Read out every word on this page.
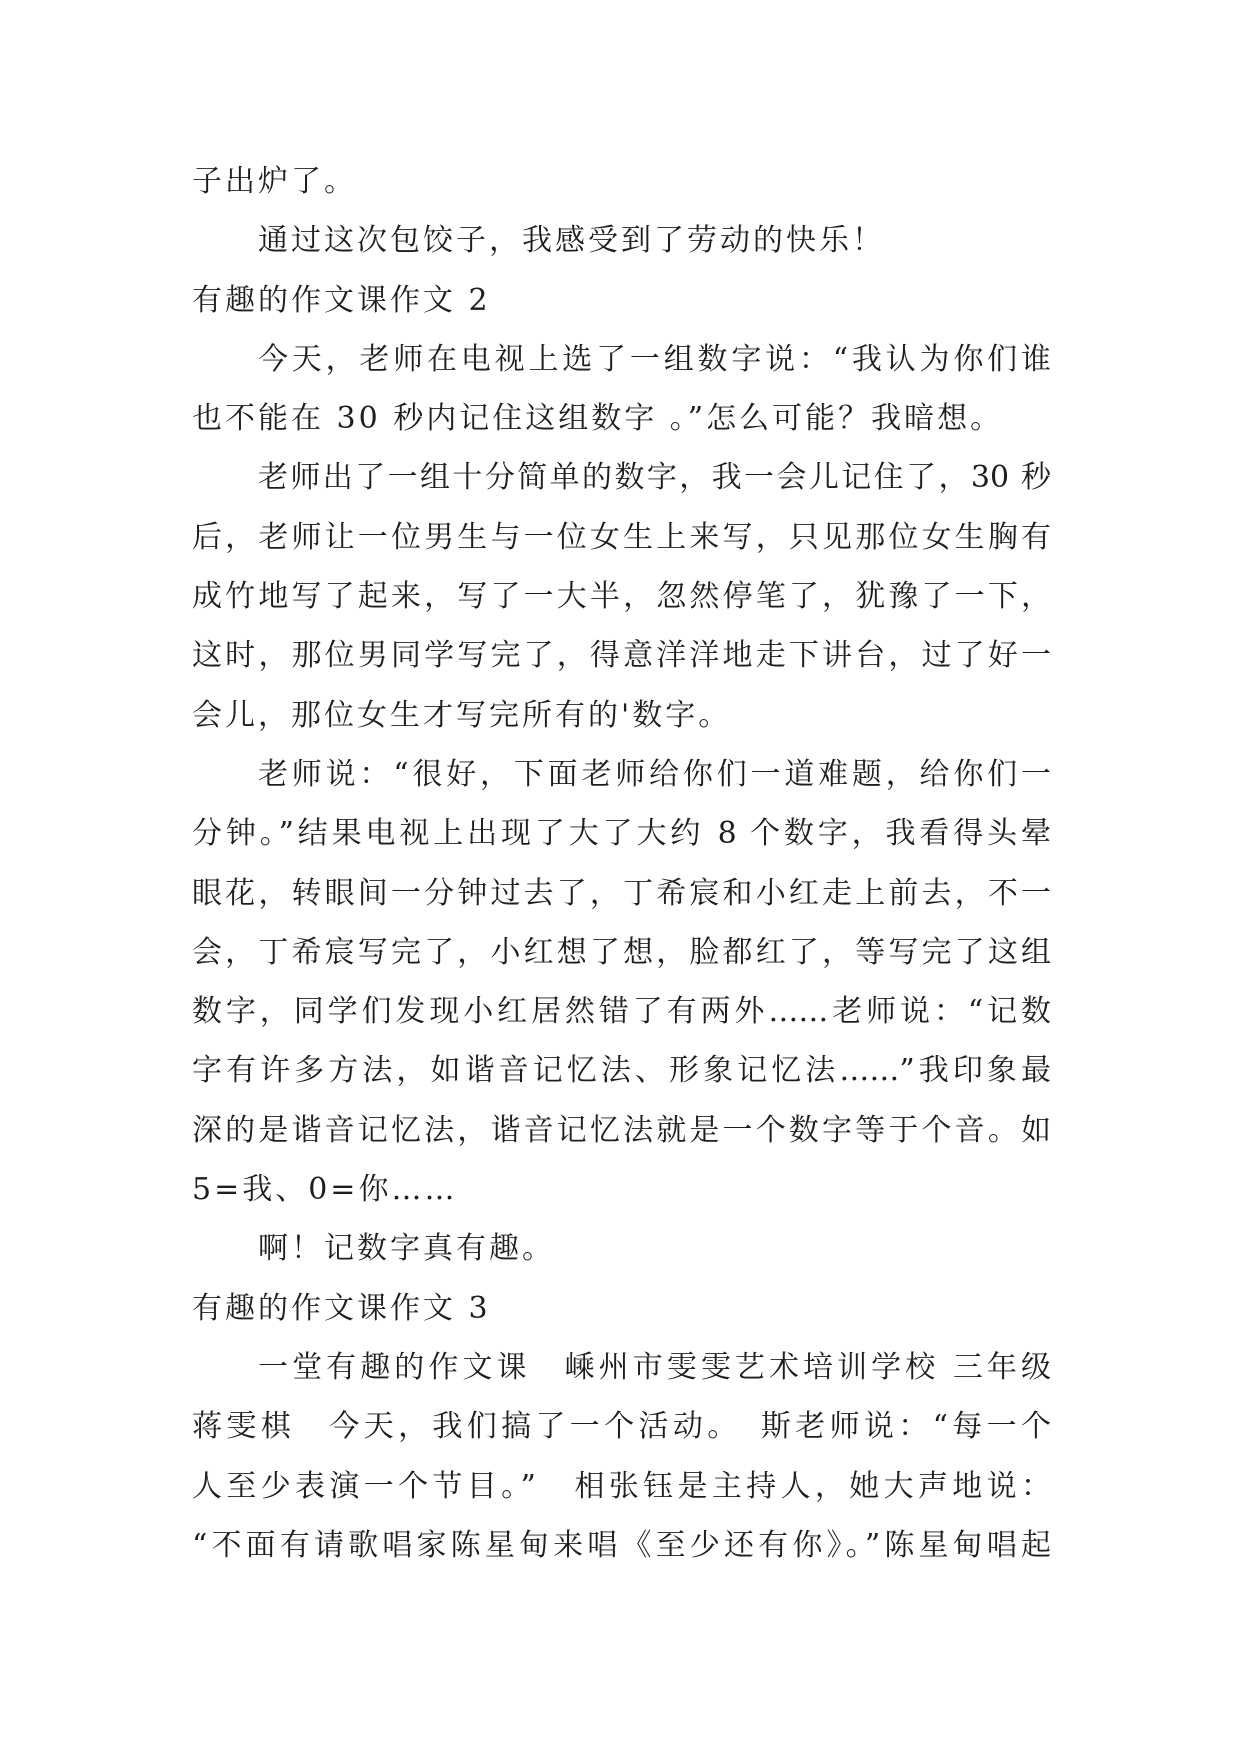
子出炉了。
通过这次包饺子，我感受到了劳动的快乐！
有趣的作文课作文 2
今天，老师在电视上选了一组数字说：“我认为你们谁
也不能在 30 秒内记住这组数字 。”怎么可能？我暗想。
老师出了一组十分简单的数字，我一会儿记住了，30 秒
后，老师让一位男生与一位女生上来写，只见那位女生胸有
成竹地写了起来，写了一大半，忽然停笔了，犹豫了一下，
这时，那位男同学写完了，得意洋洋地走下讲台，过了好一
会儿，那位女生才写完所有的'数字。
老师说：“很好，下面老师给你们一道难题，给你们一
分钟。”结果电视上出现了大了大约 8 个数字，我看得头晕
眼花，转眼间一分钟过去了，丁希宸和小红走上前去，不一
会，丁希宸写完了，小红想了想，脸都红了，等写完了这组
数字，同学们发现小红居然错了有两外……老师说：“记数
字有许多方法，如谐音记忆法、形象记忆法……”我印象最
深的是谐音记忆法，谐音记忆法就是一个数字等于个音。如
5=我、0=你……
啊！记数字真有趣。
有趣的作文课作文 3
一堂有趣的作文课　嵊州市雯雯艺术培训学校 三年级
蒋雯棋　今天，我们搞了一个活动。　斯老师说：“每一个
人至少表演一个节目。”　相张钰是主持人，她大声地说：
“不面有请歌唱家陈星甸来唱《至少还有你》。”陈星甸唱起
